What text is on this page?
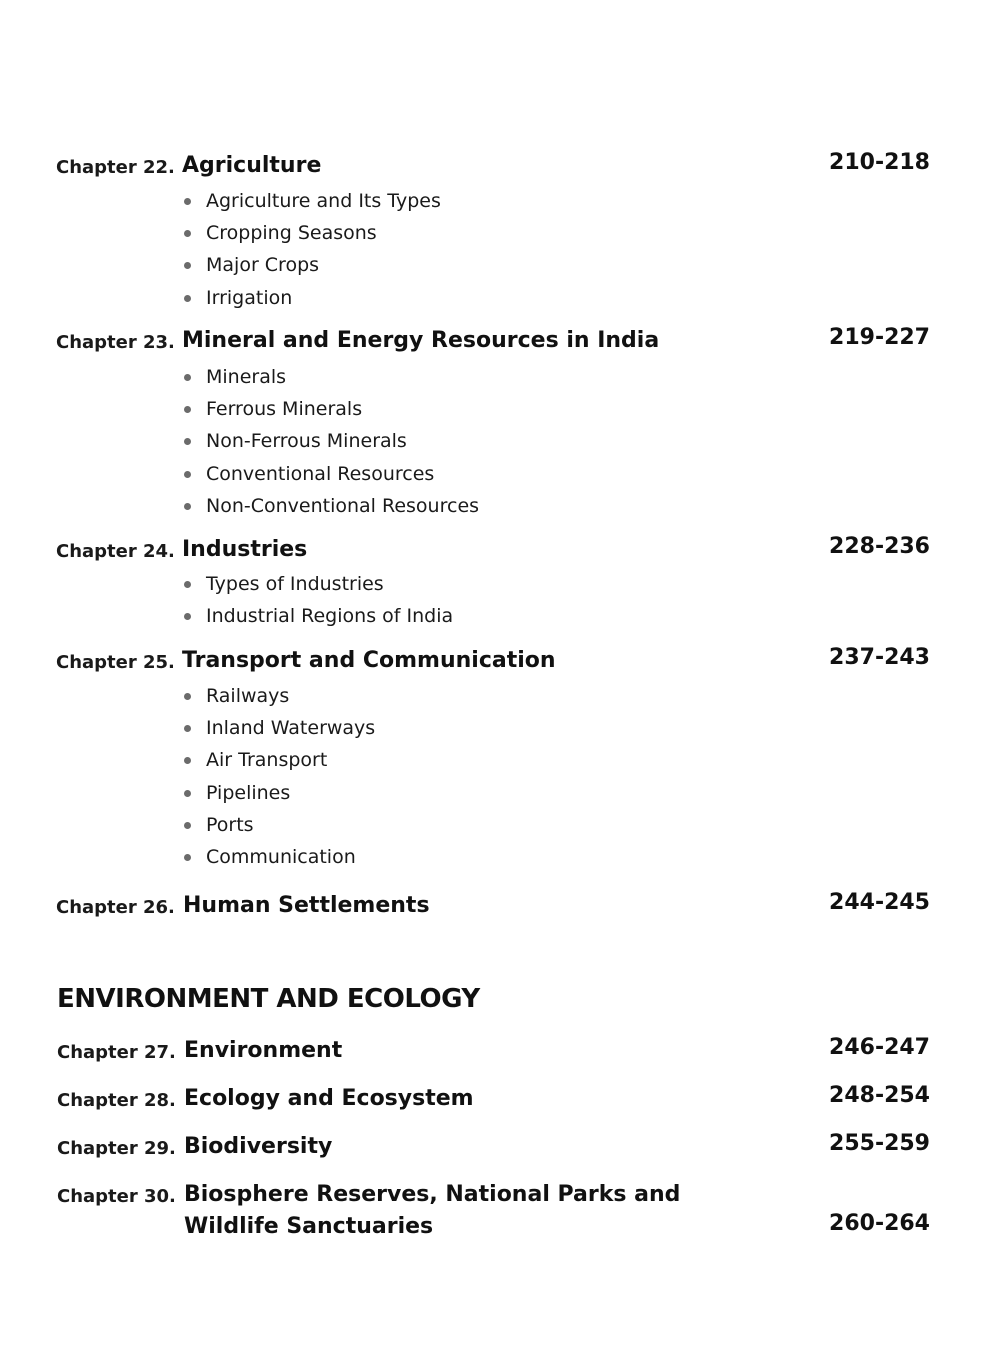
Chapter 22. Agriculture	210-218
Agriculture and Its Types
Cropping Seasons
Major Crops
Irrigation
Chapter 23. Mineral and Energy Resources in India	219-227
Minerals
Ferrous Minerals
Non-Ferrous Minerals
Conventional Resources
Non-Conventional Resources
Chapter 24. Industries	228-236
Types of Industries
Industrial Regions of India
Chapter 25. Transport and Communication	237-243
Railways
Inland Waterways
Air Transport
Pipelines
Ports
Communication
Chapter 26. Human Settlements	244-245
ENVIRONMENT AND ECOLOGY
Chapter 27. Environment	246-247
Chapter 28. Ecology and Ecosystem	248-254
Chapter 29. Biodiversity	255-259
Chapter 30. Biosphere Reserves, National Parks and
Wildlife Sanctuaries	260-264
